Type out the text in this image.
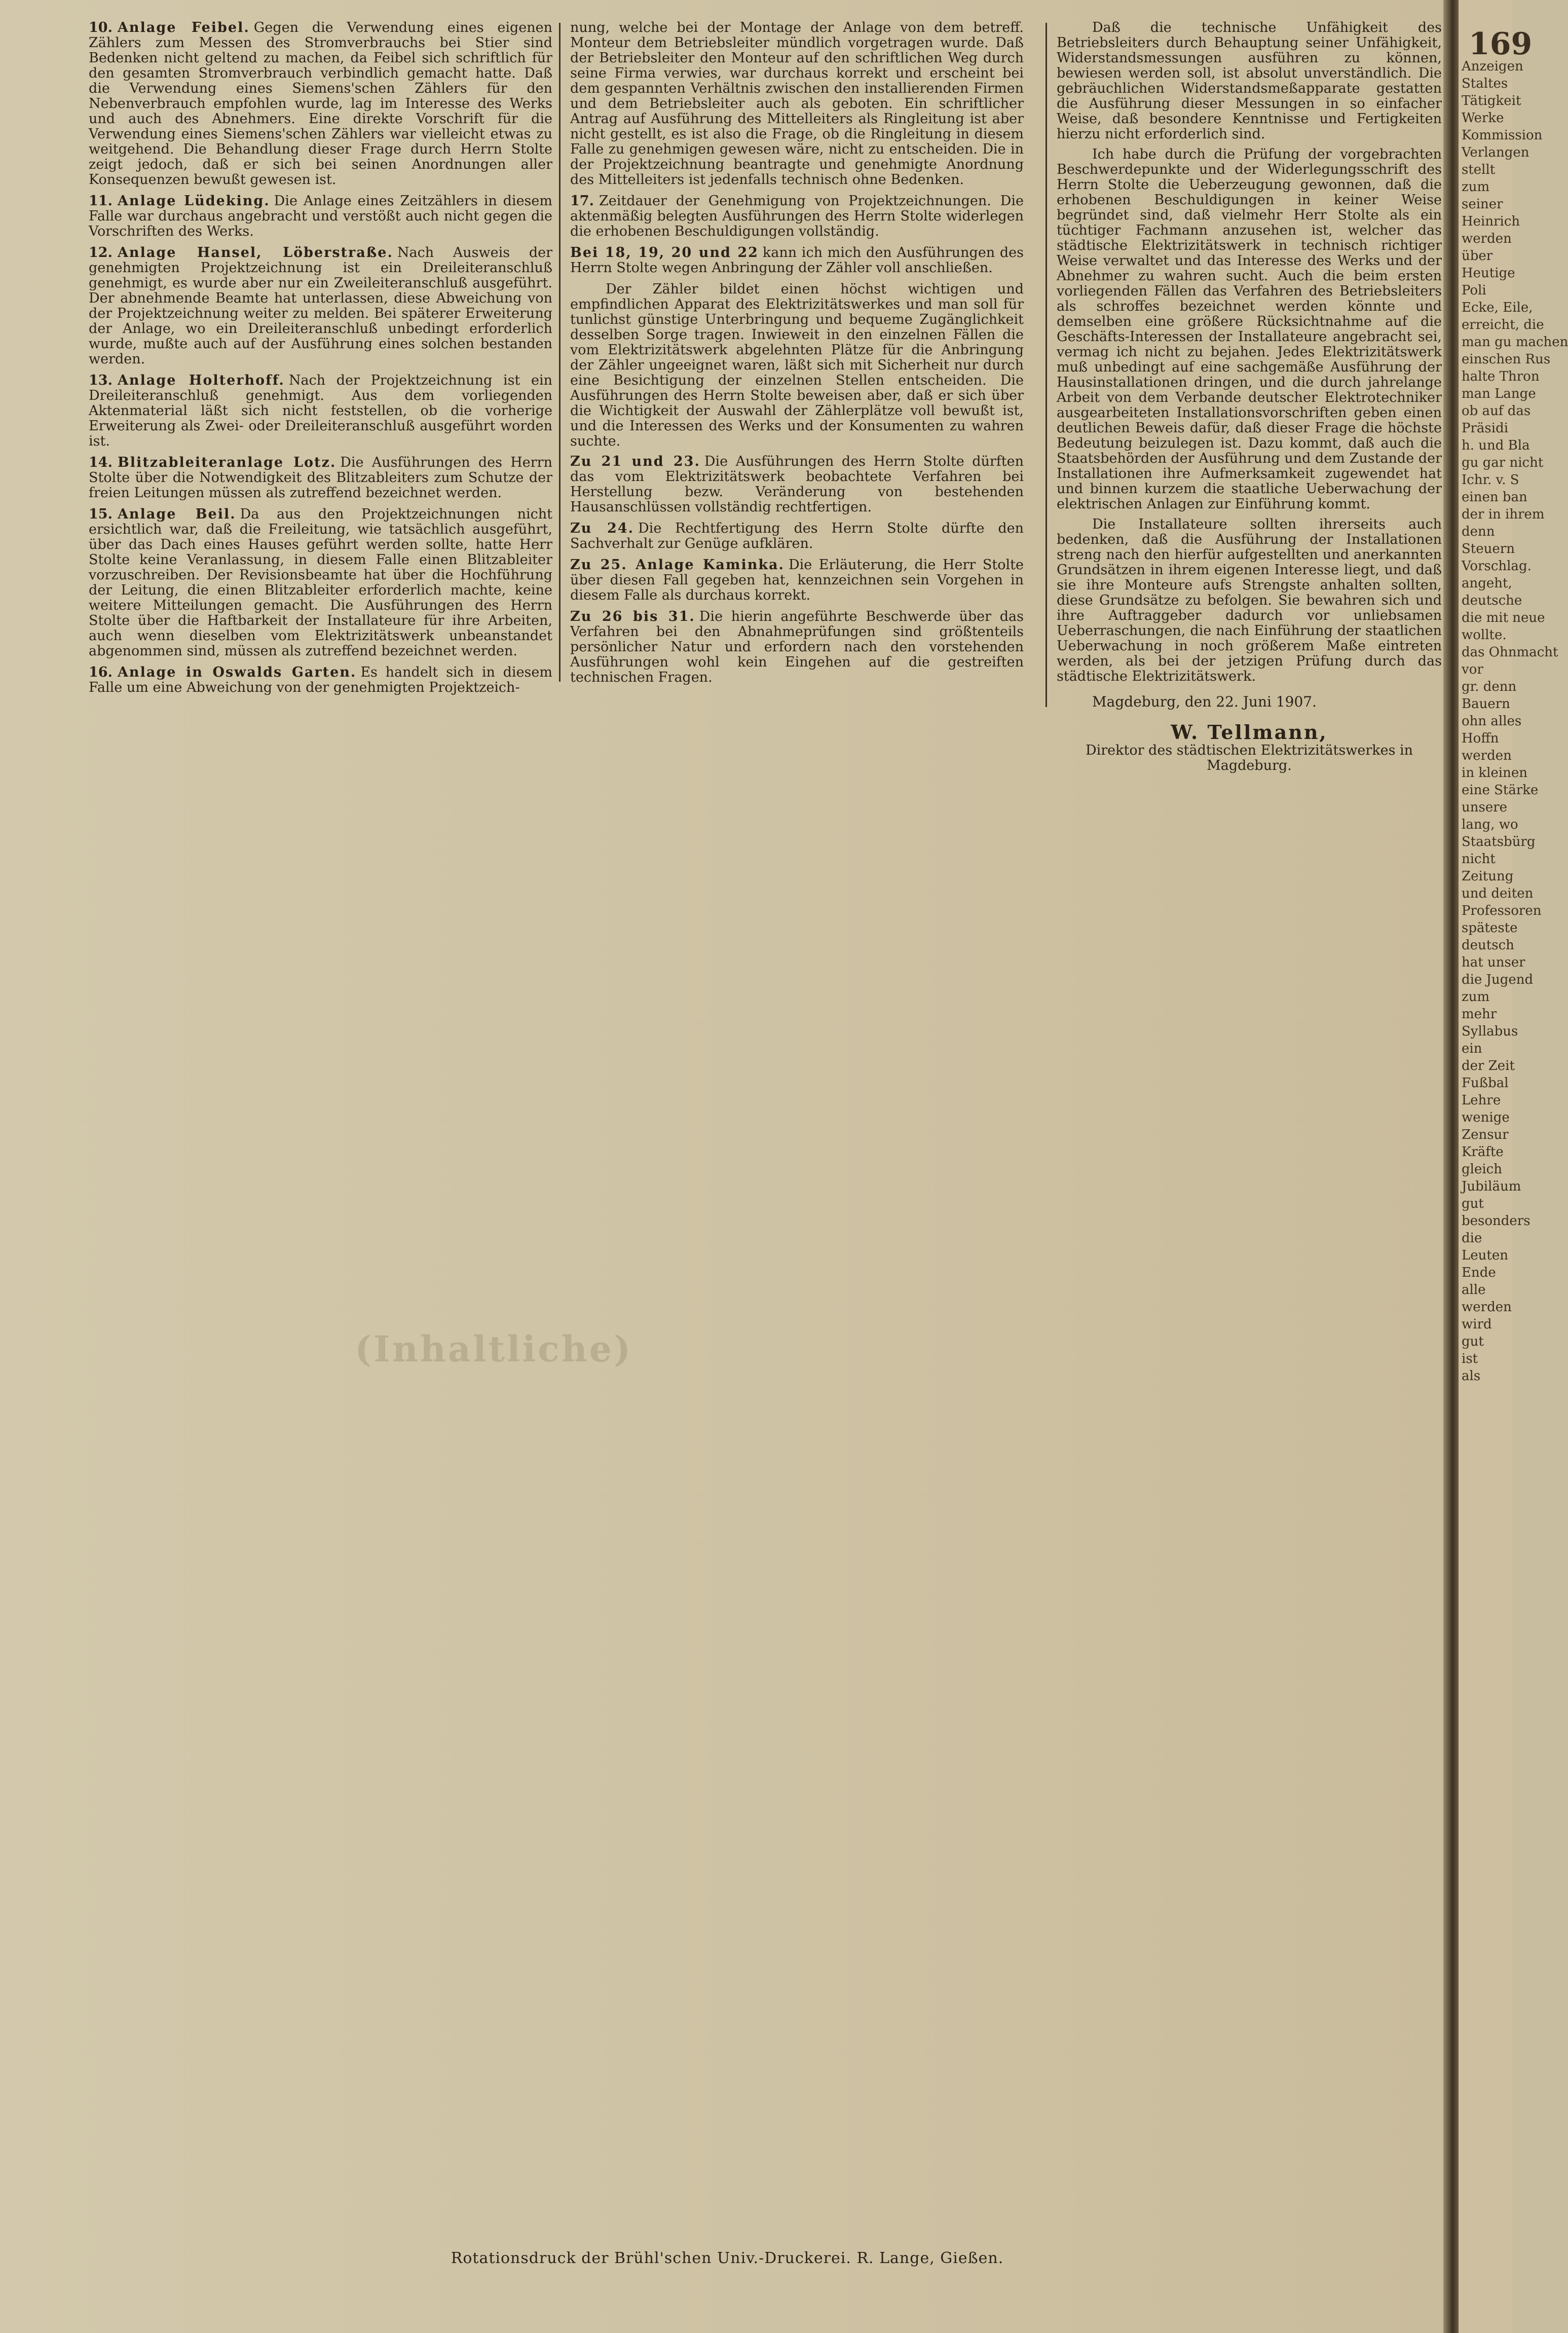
(Inhaltliche)
10. Anlage Feibel. Gegen die Verwendung eines eigenen Zählers zum Messen des Stromverbrauchs bei Stier sind Bedenken nicht geltend zu machen, da Feibel sich schriftlich für den gesamten Stromverbrauch verbindlich gemacht hatte. Daß die Verwendung eines Siemens'schen Zählers für den Nebenverbrauch empfohlen wurde, lag im Interesse des Werks und auch des Abnehmers. Eine direkte Vorschrift für die Verwendung eines Siemens'schen Zählers war vielleicht etwas zu weitgehend. Die Behandlung dieser Frage durch Herrn Stolte zeigt jedoch, daß er sich bei seinen Anordnungen aller Konsequenzen bewußt gewesen ist.
11. Anlage Lüdeking. Die Anlage eines Zeitzählers in diesem Falle war durchaus angebracht und verstößt auch nicht gegen die Vorschriften des Werks.
12. Anlage Hansel, Löberstraße. Nach Ausweis der genehmigten Projektzeichnung ist ein Dreileiteranschluß genehmigt, es wurde aber nur ein Zweileiteranschluß ausgeführt. Der abnehmende Beamte hat unterlassen, diese Abweichung von der Projektzeichnung weiter zu melden. Bei späterer Erweiterung der Anlage, wo ein Dreileiteranschluß unbedingt erforderlich wurde, mußte auch auf der Ausführung eines solchen bestanden werden.
13. Anlage Holterhoff. Nach der Projektzeichnung ist ein Dreileiteranschluß genehmigt. Aus dem vorliegenden Aktenmaterial läßt sich nicht feststellen, ob die vorherige Erweiterung als Zwei- oder Dreileiteranschluß ausgeführt worden ist.
14. Blitzableiteranlage Lotz. Die Ausführungen des Herrn Stolte über die Notwendigkeit des Blitzableiters zum Schutze der freien Leitungen müssen als zutreffend bezeichnet werden.
15. Anlage Beil. Da aus den Projektzeichnungen nicht ersichtlich war, daß die Freileitung, wie tatsächlich ausgeführt, über das Dach eines Hauses geführt werden sollte, hatte Herr Stolte keine Veranlassung, in diesem Falle einen Blitzableiter vorzuschreiben. Der Revisionsbeamte hat über die Hochführung der Leitung, die einen Blitzableiter erforderlich machte, keine weitere Mitteilungen gemacht. Die Ausführungen des Herrn Stolte über die Haftbarkeit der Installateure für ihre Arbeiten, auch wenn dieselben vom Elektrizitätswerk unbeanstandet abgenommen sind, müssen als zutreffend bezeichnet werden.
16. Anlage in Oswalds Garten. Es handelt sich in diesem Falle um eine Abweichung von der genehmigten Projektzeich-
nung, welche bei der Montage der Anlage von dem betreff. Monteur dem Betriebsleiter mündlich vorgetragen wurde. Daß der Betriebsleiter den Monteur auf den schriftlichen Weg durch seine Firma verwies, war durchaus korrekt und erscheint bei dem gespannten Verhältnis zwischen den installierenden Firmen und dem Betriebsleiter auch als geboten. Ein schriftlicher Antrag auf Ausführung des Mittelleiters als Ringleitung ist aber nicht gestellt, es ist also die Frage, ob die Ringleitung in diesem Falle zu genehmigen gewesen wäre, nicht zu entscheiden. Die in der Projektzeichnung beantragte und genehmigte Anordnung des Mittelleiters ist jedenfalls technisch ohne Bedenken.
17. Zeitdauer der Genehmigung von Projektzeichnungen. Die aktenmäßig belegten Ausführungen des Herrn Stolte widerlegen die erhobenen Beschuldigungen vollständig.
Bei 18, 19, 20 und 22 kann ich mich den Ausführungen des Herrn Stolte wegen Anbringung der Zähler voll anschließen.
Der Zähler bildet einen höchst wichtigen und empfindlichen Apparat des Elektrizitätswerkes und man soll für tunlichst günstige Unterbringung und bequeme Zugänglichkeit desselben Sorge tragen. Inwieweit in den einzelnen Fällen die vom Elektrizitätswerk abgelehnten Plätze für die Anbringung der Zähler ungeeignet waren, läßt sich mit Sicherheit nur durch eine Besichtigung der einzelnen Stellen entscheiden. Die Ausführungen des Herrn Stolte beweisen aber, daß er sich über die Wichtigkeit der Auswahl der Zählerplätze voll bewußt ist, und die Interessen des Werks und der Konsumenten zu wahren suchte.
Zu 21 und 23. Die Ausführungen des Herrn Stolte dürften das vom Elektrizitätswerk beobachtete Verfahren bei Herstellung bezw. Veränderung von bestehenden Hausanschlüssen vollständig rechtfertigen.
Zu 24. Die Rechtfertigung des Herrn Stolte dürfte den Sachverhalt zur Genüge aufklären.
Zu 25. Anlage Kaminka. Die Erläuterung, die Herr Stolte über diesen Fall gegeben hat, kennzeichnen sein Vorgehen in diesem Falle als durchaus korrekt.
Zu 26 bis 31. Die hierin angeführte Beschwerde über das Verfahren bei den Abnahmeprüfungen sind größtenteils persönlicher Natur und erfordern nach den vorstehenden Ausführungen wohl kein Eingehen auf die gestreiften technischen Fragen.
Daß die technische Unfähigkeit des Betriebsleiters durch Behauptung seiner Unfähigkeit, Widerstandsmessungen ausführen zu können, bewiesen werden soll, ist absolut unverständlich. Die gebräuchlichen Widerstandsmeßapparate gestatten die Ausführung dieser Messungen in so einfacher Weise, daß besondere Kenntnisse und Fertigkeiten hierzu nicht erforderlich sind.
Ich habe durch die Prüfung der vorgebrachten Beschwerdepunkte und der Widerlegungsschrift des Herrn Stolte die Ueberzeugung gewonnen, daß die erhobenen Beschuldigungen in keiner Weise begründet sind, daß vielmehr Herr Stolte als ein tüchtiger Fachmann anzusehen ist, welcher das städtische Elektrizitätswerk in technisch richtiger Weise verwaltet und das Interesse des Werks und der Abnehmer zu wahren sucht. Auch die beim ersten vorliegenden Fällen das Verfahren des Betriebsleiters als schroffes bezeichnet werden könnte und demselben eine größere Rücksichtnahme auf die Geschäfts-Interessen der Installateure angebracht sei, vermag ich nicht zu bejahen. Jedes Elektrizitätswerk muß unbedingt auf eine sachgemäße Ausführung der Hausinstallationen dringen, und die durch jahrelange Arbeit von dem Verbande deutscher Elektrotechniker ausgearbeiteten Installationsvorschriften geben einen deutlichen Beweis dafür, daß dieser Frage die höchste Bedeutung beizulegen ist. Dazu kommt, daß auch die Staatsbehörden der Ausführung und dem Zustande der Installationen ihre Aufmerksamkeit zugewendet hat und binnen kurzem die staatliche Ueberwachung der elektrischen Anlagen zur Einführung kommt.
Die Installateure sollten ihrerseits auch bedenken, daß die Ausführung der Installationen streng nach den hierfür aufgestellten und anerkannten Grundsätzen in ihrem eigenen Interesse liegt, und daß sie ihre Monteure aufs Strengste anhalten sollten, diese Grundsätze zu befolgen. Sie bewahren sich und ihre Auftraggeber dadurch vor unliebsamen Ueberraschungen, die nach Einführung der staatlichen Ueberwachung in noch größerem Maße eintreten werden, als bei der jetzigen Prüfung durch das städtische Elektrizitätswerk.
Magdeburg, den 22. Juni 1907.
W. Tellmann,
Direktor des städtischen Elektrizitätswerkes in Magdeburg.
Rotationsdruck der Brühl'schen Univ.-Druckerei. R. Lange, Gießen.
169
Anzeigen
Staltes
Tätigkeit
Werke
Kommission
Verlangen
stellt
zum
seiner
Heinrich
werden
über
Heutige
Poli
Ecke, Eile,
erreicht, die
man gu machen
einschen Rus
halte Thron
man Lange
ob auf das
Präsidi
h. und Bla
gu gar nicht
Ichr. v. S
einen ban
der in ihrem
denn
Steuern
Vorschlag.
angeht,
deutsche
die mit neue
wollte.
das Ohnmacht
vor
gr. denn
Bauern
ohn alles
Hoffn
werden
in kleinen
eine Stärke
unsere
lang, wo
Staatsbürg
nicht
Zeitung
und deiten
Professoren
späteste
deutsch
hat unser
die Jugend
zum
mehr
Syllabus
ein
der Zeit
Fußbal
Lehre
wenige
Zensur
Kräfte
gleich
Jubiläum
gut
besonders
die
Leuten
Ende
alle
werden
wird
gut
ist
als
